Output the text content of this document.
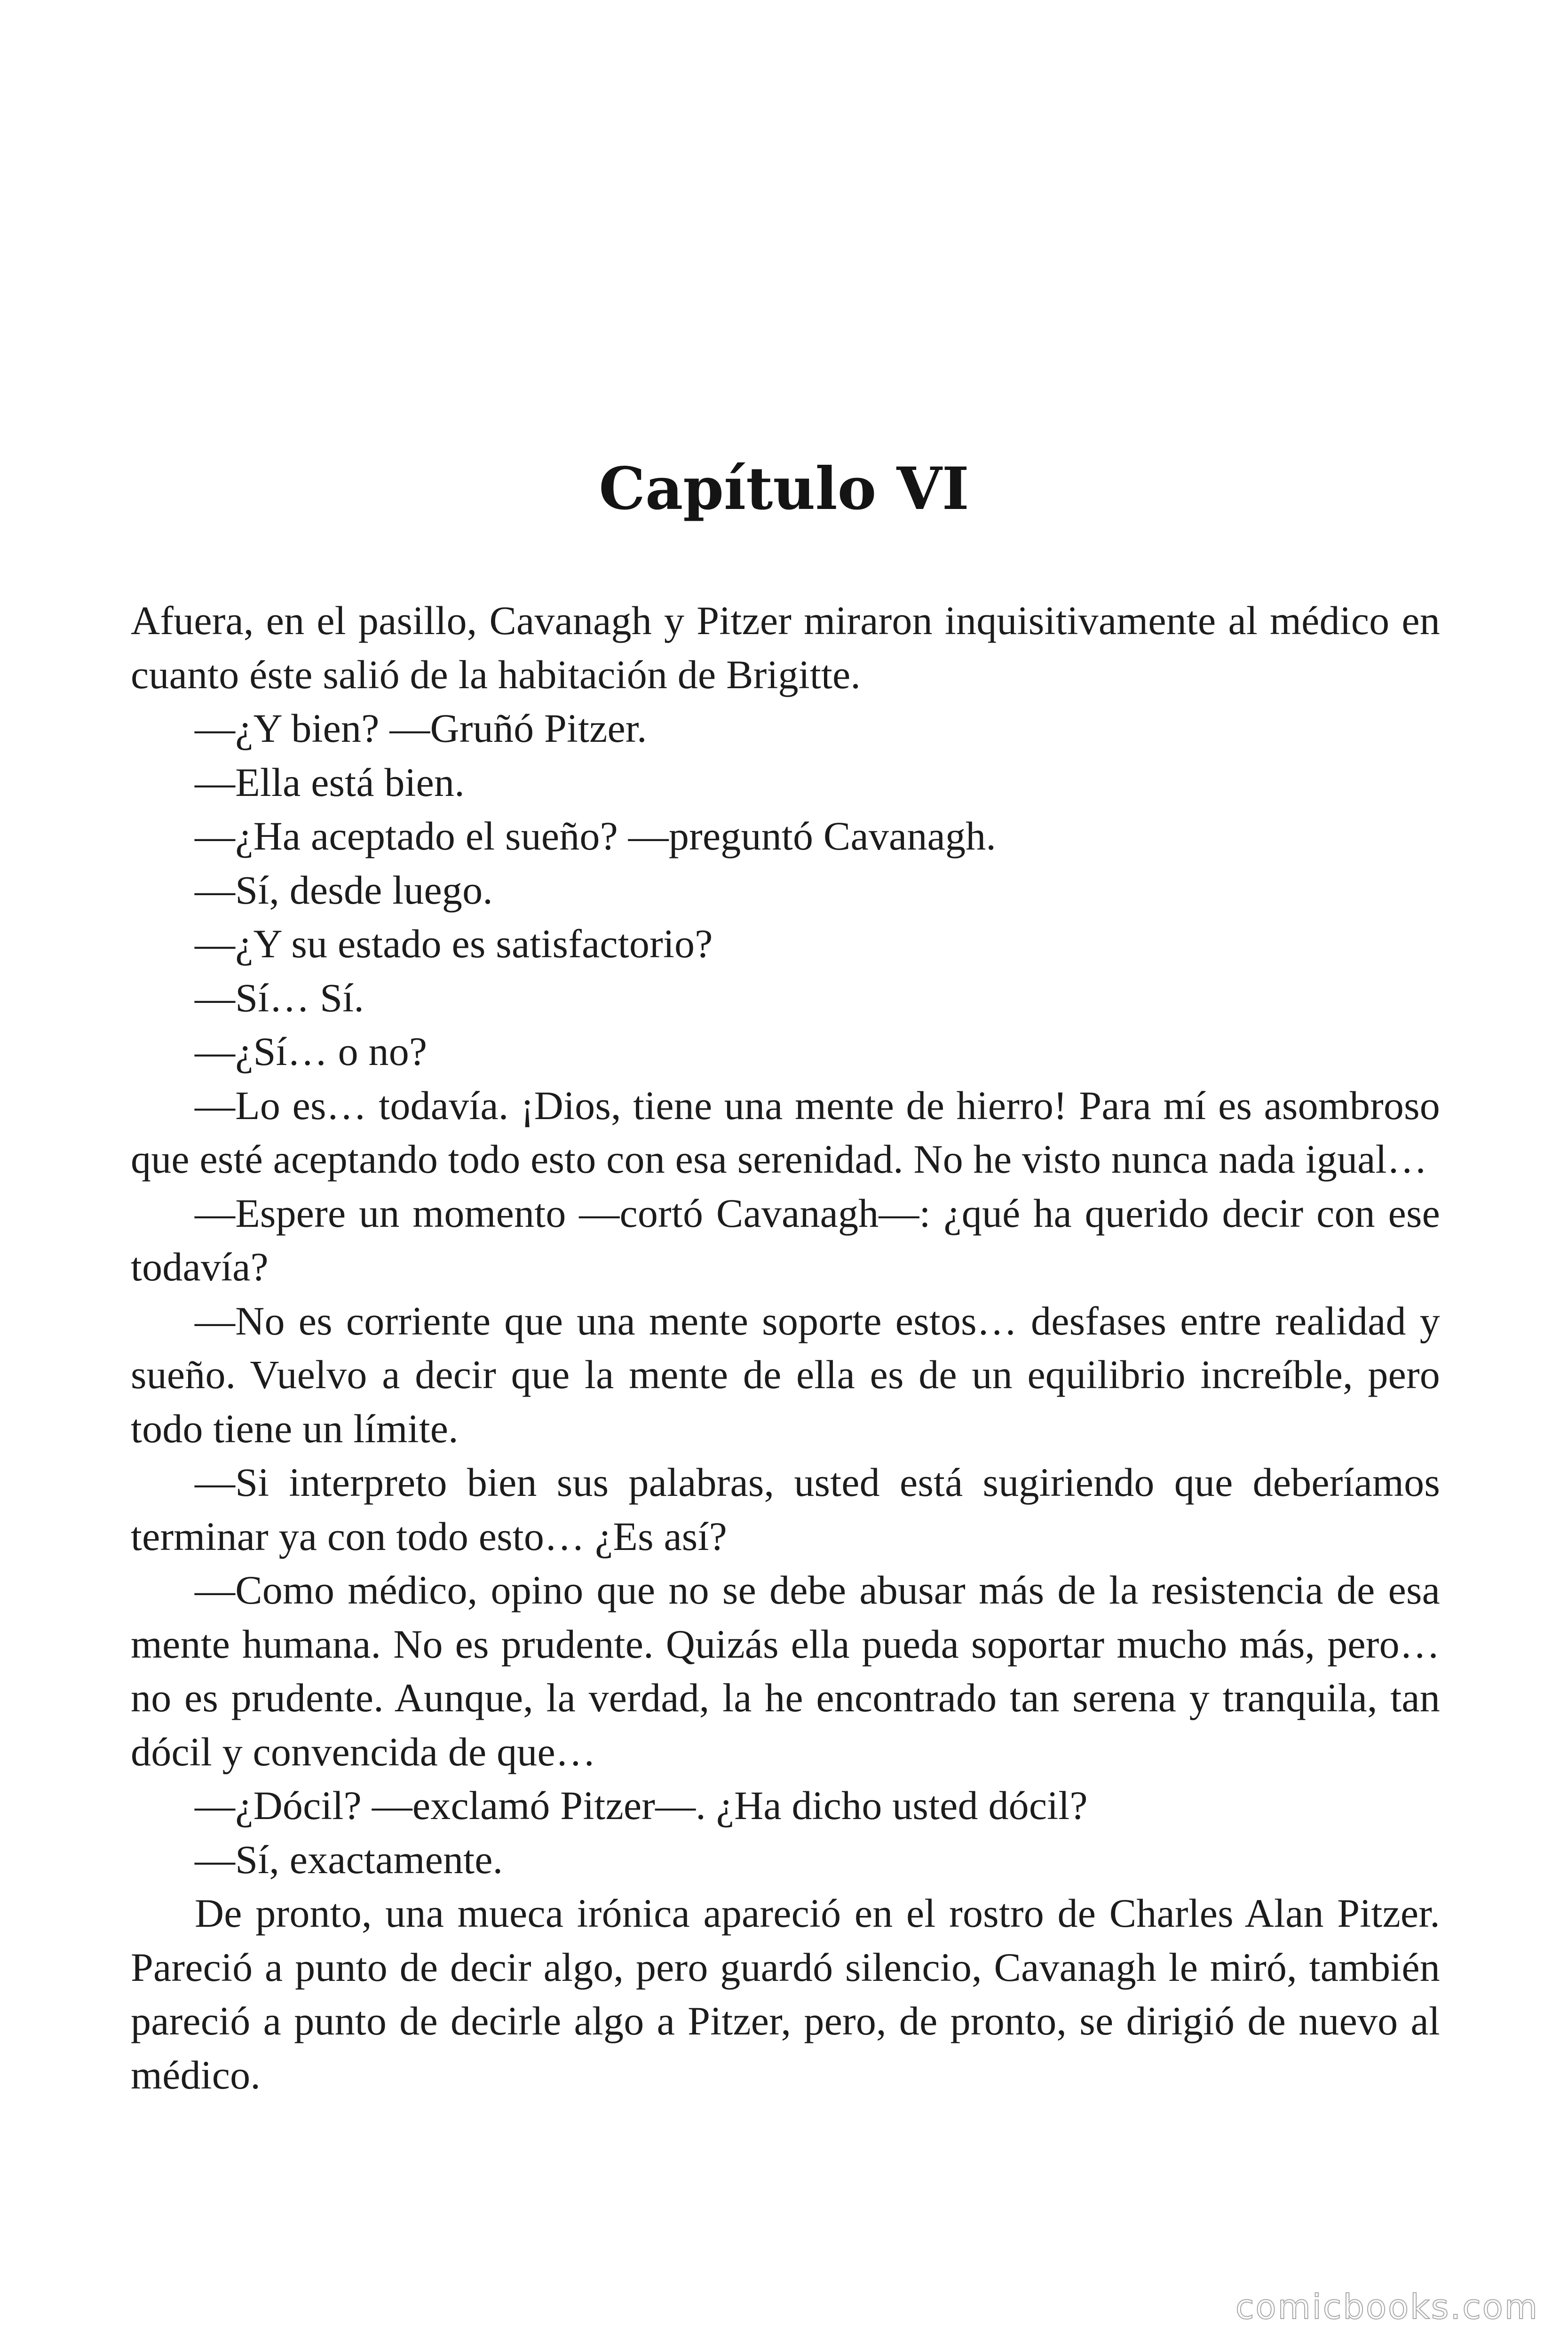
Capítulo VI

Afuera, en el pasillo, Cavanagh y Pitzer miraron inquisitivamente al médico en cuanto éste salió de la habitación de Brigitte.

—¿Y bien? —Gruñó Pitzer.

—Ella está bien.

—¿Ha aceptado el sueño? —preguntó Cavanagh.

—Sí, desde luego.

—¿Y su estado es satisfactorio?

—Sí… Sí.

—¿Sí… o no?

—Lo es… todavía. ¡Dios, tiene una mente de hierro! Para mí es asombroso que esté aceptando todo esto con esa serenidad. No he visto nunca nada igual…

—Espere un momento —cortó Cavanagh—: ¿qué ha querido decir con ese todavía?

—No es corriente que una mente soporte estos… desfases entre realidad y sueño. Vuelvo a decir que la mente de ella es de un equilibrio increíble, pero todo tiene un límite.

—Si interpreto bien sus palabras, usted está sugiriendo que deberíamos terminar ya con todo esto… ¿Es así?

—Como médico, opino que no se debe abusar más de la resistencia de esa mente humana. No es prudente. Quizás ella pueda soportar mucho más, pero… no es prudente. Aunque, la verdad, la he encontrado tan serena y tranquila, tan dócil y convencida de que…

—¿Dócil? —exclamó Pitzer—. ¿Ha dicho usted dócil?

—Sí, exactamente.

De pronto, una mueca irónica apareció en el rostro de Charles Alan Pitzer. Pareció a punto de decir algo, pero guardó silencio, Cavanagh le miró, también pareció a punto de decirle algo a Pitzer, pero, de pronto, se dirigió de nuevo al médico.

comicbooks.com
